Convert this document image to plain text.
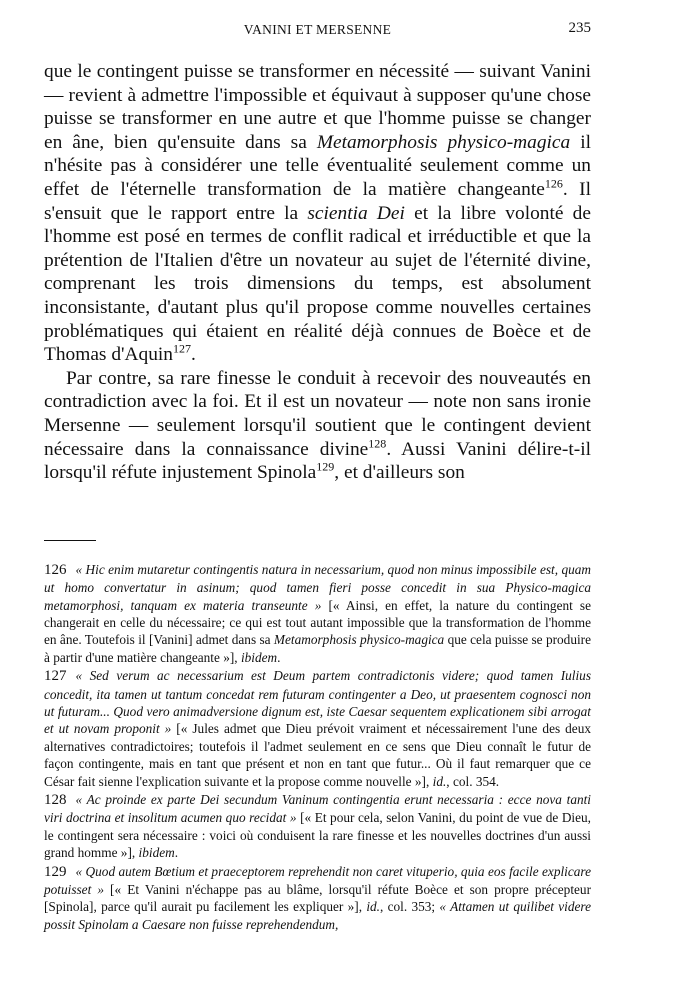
VANINI ET MERSENNE	235

que le contingent puisse se transformer en nécessité — suivant Vanini — revient à admettre l'impossible et équivaut à supposer qu'une chose puisse se transformer en une autre et que l'homme puisse se changer en âne, bien qu'ensuite dans sa Metamorphosis physico-magica il n'hésite pas à considérer une telle éventualité seulement comme un effet de l'éternelle transformation de la matière changeante$^{126}$. Il s'ensuit que le rapport entre la scientia Dei et la libre volonté de l'homme est posé en termes de conflit radical et irréductible et que la prétention de l'Italien d'être un novateur au sujet de l'éternité divine, comprenant les trois dimensions du temps, est absolument inconsistante, d'autant plus qu'il propose comme nouvelles certaines problématiques qui étaient en réalité déjà connues de Boèce et de Thomas d'Aquin$^{127}$.

Par contre, sa rare finesse le conduit à recevoir des nouveautés en contradiction avec la foi. Et il est un novateur — note non sans ironie Mersenne — seulement lorsqu'il soutient que le contingent devient nécessaire dans la connaissance divine$^{128}$. Aussi Vanini délire-t-il lorsqu'il réfute injustement Spinola$^{129}$, et d'ailleurs son

126 « Hic enim mutaretur contingentis natura in necessarium, quod non minus impossibile est, quam ut homo convertatur in asinum; quod tamen fieri posse concedit in sua Physico-magica metamorphosi, tanquam ex materia transeunte » [« Ainsi, en effet, la nature du contingent se changerait en celle du nécessaire; ce qui est tout autant impossible que la transformation de l'homme en âne. Toutefois il [Vanini] admet dans sa Metamorphosis physico-magica que cela puisse se produire à partir d'une matière changeante »], ibidem.

127 « Sed verum ac necessarium est Deum partem contradictonis videre; quod tamen Iulius concedit, ita tamen ut tantum concedat rem futuram contingenter a Deo, ut praesentem cognosci non ut futuram... Quod vero animadversione dignum est, iste Caesar sequentem explicationem sibi arrogat et ut novam proponit » [« Jules admet que Dieu prévoit vraiment et nécessairement l'une des deux alternatives contradictoires; toutefois il l'admet seulement en ce sens que Dieu connaît le futur de façon contingente, mais en tant que présent et non en tant que futur... Où il faut remarquer que ce César fait sienne l'explication suivante et la propose comme nouvelle »], id., col. 354.

128 « Ac proinde ex parte Dei secundum Vaninum contingentia erunt necessaria : ecce nova tanti viri doctrina et insolitum acumen quo recidat » [« Et pour cela, selon Vanini, du point de vue de Dieu, le contingent sera nécessaire : voici où conduisent la rare finesse et les nouvelles doctrines d'un aussi grand homme »], ibidem.

129 « Quod autem Bœtium et praeceptorem reprehendit non caret vituperio, quia eos facile explicare potuisset » [« Et Vanini n'échappe pas au blâme, lorsqu'il réfute Boèce et son propre précepteur [Spinola], parce qu'il aurait pu facilement les expliquer »], id., col. 353; « Attamen ut quilibet videre possit Spinolam a Caesare non fuisse reprehendendum,
